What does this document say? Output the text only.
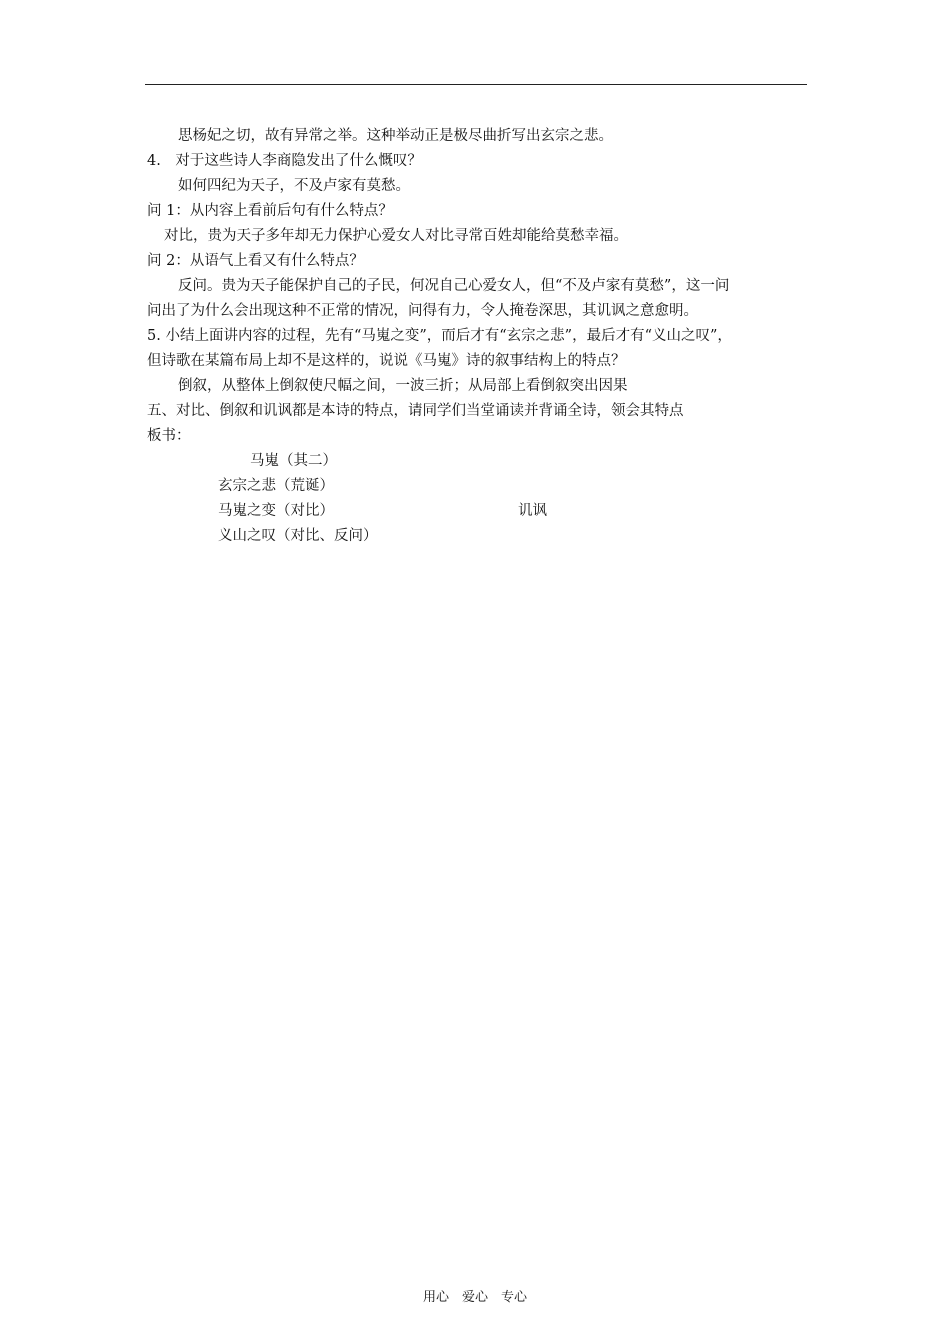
思杨妃之切，故有异常之举。这种举动正是极尽曲折写出玄宗之悲。
4.　对于这些诗人李商隐发出了什么慨叹？
如何四纪为天子，不及卢家有莫愁。
问 1：从内容上看前后句有什么特点？
对比，贵为天子多年却无力保护心爱女人对比寻常百姓却能给莫愁幸福。
问 2：从语气上看又有什么特点？
反问。贵为天子能保护自己的子民，何况自己心爱女人，但“不及卢家有莫愁”，这一问
问出了为什么会出现这种不正常的情况，问得有力，令人掩卷深思，其讥讽之意愈明。
5. 小结上面讲内容的过程，先有“马嵬之变”，而后才有“玄宗之悲”，最后才有“义山之叹”，
但诗歌在某篇布局上却不是这样的，说说《马嵬》诗的叙事结构上的特点？
倒叙，从整体上倒叙使尺幅之间，一波三折；从局部上看倒叙突出因果
五、对比、倒叙和讥讽都是本诗的特点，请同学们当堂诵读并背诵全诗，领会其特点
板书：
马嵬（其二）
玄宗之悲（荒诞）
马嵬之变（对比）	讥讽
义山之叹（对比、反问）
用心　爱心　专心
